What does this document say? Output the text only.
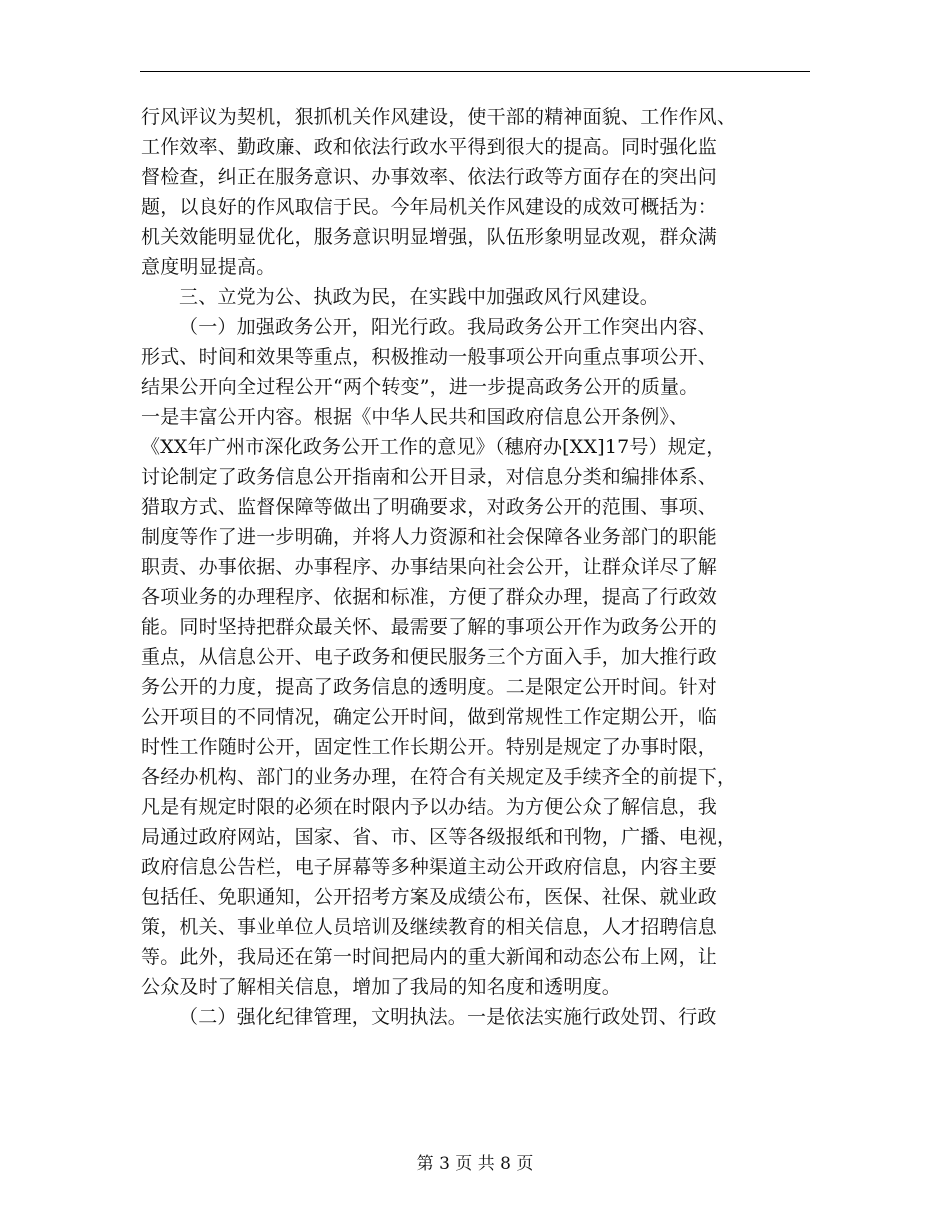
行风评议为契机，狠抓机关作风建设，使干部的精神面貌、工作作风、
工作效率、勤政廉、政和依法行政水平得到很大的提高。同时强化监
督检查，纠正在服务意识、办事效率、依法行政等方面存在的突出问
题，以良好的作风取信于民。今年局机关作风建设的成效可概括为：
机关效能明显优化，服务意识明显增强，队伍形象明显改观，群众满
意度明显提高。
三、立党为公、执政为民，在实践中加强政风行风建设。
（一）加强政务公开，阳光行政。我局政务公开工作突出内容、
形式、时间和效果等重点，积极推动一般事项公开向重点事项公开、
结果公开向全过程公开“两个转变”，进一步提高政务公开的质量。
一是丰富公开内容。根据《中华人民共和国政府信息公开条例》、
《XX年广州市深化政务公开工作的意见》（穗府办[XX]17号）规定，
讨论制定了政务信息公开指南和公开目录，对信息分类和编排体系、
猎取方式、监督保障等做出了明确要求，对政务公开的范围、事项、
制度等作了进一步明确，并将人力资源和社会保障各业务部门的职能
职责、办事依据、办事程序、办事结果向社会公开，让群众详尽了解
各项业务的办理程序、依据和标准，方便了群众办理，提高了行政效
能。同时坚持把群众最关怀、最需要了解的事项公开作为政务公开的
重点，从信息公开、电子政务和便民服务三个方面入手，加大推行政
务公开的力度，提高了政务信息的透明度。二是限定公开时间。针对
公开项目的不同情况，确定公开时间，做到常规性工作定期公开，临
时性工作随时公开，固定性工作长期公开。特别是规定了办事时限，
各经办机构、部门的业务办理，在符合有关规定及手续齐全的前提下，
凡是有规定时限的必须在时限内予以办结。为方便公众了解信息，我
局通过政府网站，国家、省、市、区等各级报纸和刊物，广播、电视，
政府信息公告栏，电子屏幕等多种渠道主动公开政府信息，内容主要
包括任、免职通知，公开招考方案及成绩公布，医保、社保、就业政
策，机关、事业单位人员培训及继续教育的相关信息，人才招聘信息
等。此外，我局还在第一时间把局内的重大新闻和动态公布上网，让
公众及时了解相关信息，增加了我局的知名度和透明度。
（二）强化纪律管理，文明执法。一是依法实施行政处罚、行政
第 3 页 共 8 页
